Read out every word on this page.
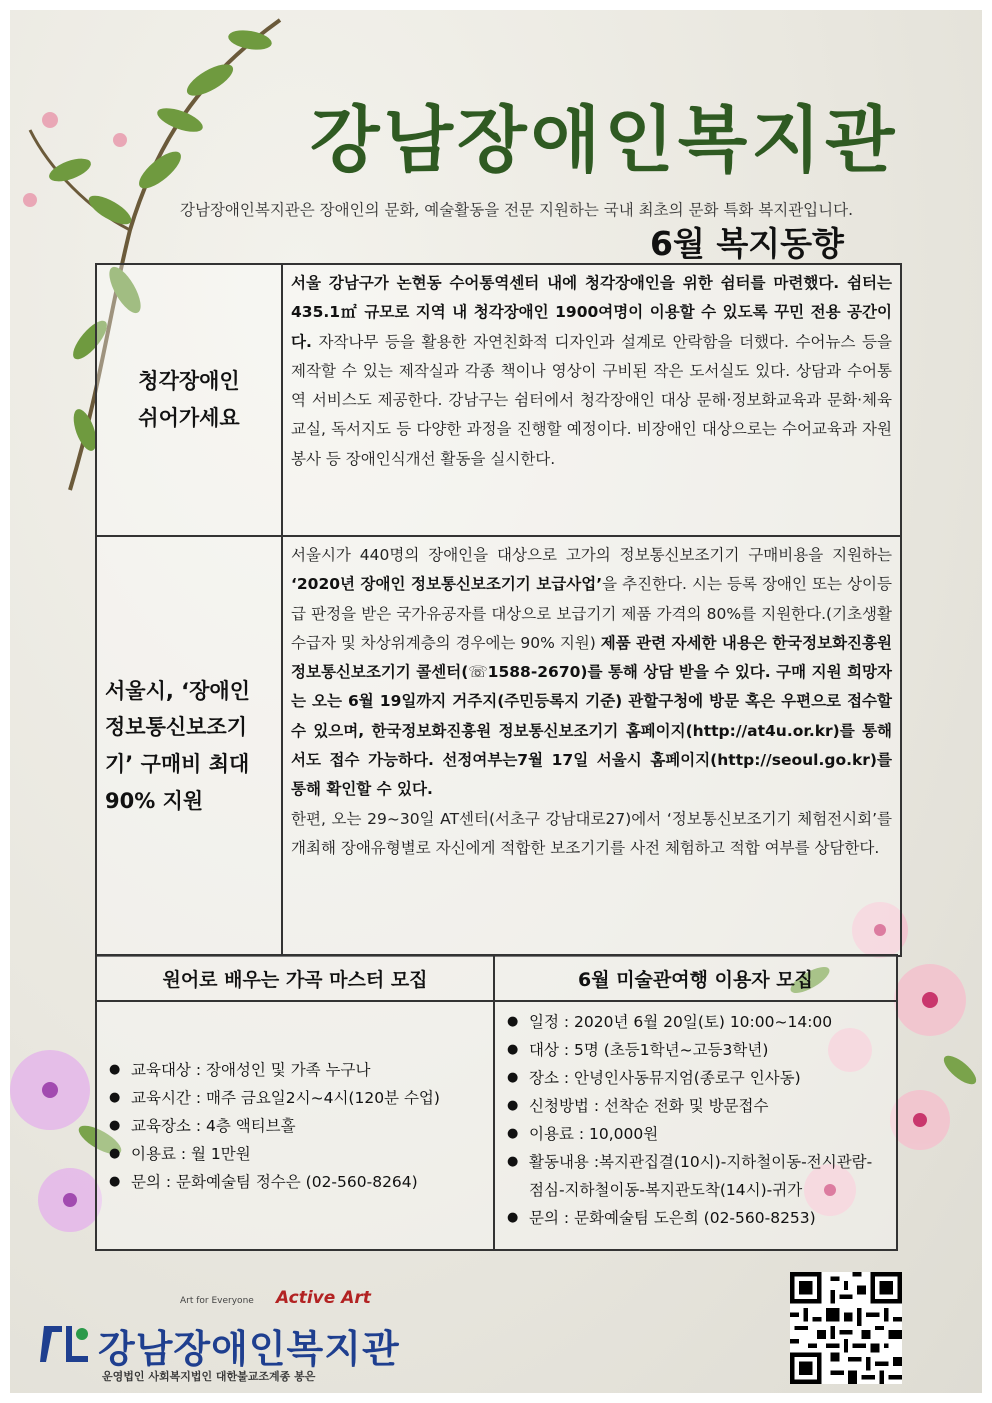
강남장애인복지관
강남장애인복지관은 장애인의 문화, 예술활동을 전문 지원하는 국내 최초의 문화 특화 복지관입니다.
6월 복지동향
청각장애인
쉬어가세요
서울 강남구가 논현동 수어통역센터 내에 청각장애인을 위한 쉼터를 마련했다. 쉼터는 435.1㎡ 규모로 지역 내 청각장애인 1900여명이 이용할 수 있도록 꾸민 전용 공간이다. 자작나무 등을 활용한 자연친화적 디자인과 설계로 안락함을 더했다. 수어뉴스 등을 제작할 수 있는 제작실과 각종 책이나 영상이 구비된 작은 도서실도 있다. 상담과 수어통역 서비스도 제공한다. 강남구는 쉼터에서 청각장애인 대상 문해·정보화교육과 문화·체육교실, 독서지도 등 다양한 과정을 진행할 예정이다. 비장애인 대상으로는 수어교육과 자원봉사 등 장애인식개선 활동을 실시한다.
서울시, ‘장애인 정보통신보조기기’ 구매비 최대 90% 지원
서울시가 440명의 장애인을 대상으로 고가의 정보통신보조기기 구매비용을 지원하는 ‘2020년 장애인 정보통신보조기기 보급사업’을 추진한다. 시는 등록 장애인 또는 상이등급 판정을 받은 국가유공자를 대상으로 보급기기 제품 가격의 80%를 지원한다.(기초생활수급자 및 차상위계층의 경우에는 90% 지원) 제품 관련 자세한 내용은 한국정보화진흥원 정보통신보조기기 콜센터(☏1588-2670)를 통해 상담 받을 수 있다. 구매 지원 희망자는 오는 6월 19일까지 거주지(주민등록지 기준) 관할구청에 방문 혹은 우편으로 접수할 수 있으며, 한국정보화진흥원 정보통신보조기기 홈페이지(http://at4u.or.kr)를 통해서도 접수 가능하다. 선정여부는7월 17일 서울시 홈페이지(http://seoul.go.kr)를 통해 확인할 수 있다.
한편, 오는 29~30일 AT센터(서초구 강남대로27)에서 ‘정보통신보조기기 체험전시회’를 개최해 장애유형별로 자신에게 적합한 보조기기를 사전 체험하고 적합 여부를 상담한다.
원어로 배우는 가곡 마스터 모집	6월 미술관여행 이용자 모집
● 교육대상 : 장애성인 및 가족 누구나
● 교육시간 : 매주 금요일2시~4시(120분 수업)
● 교육장소 : 4층 액티브홀
● 이용료 : 월 1만원
● 문의 : 문화예술팀 정수은 (02-560-8264)
● 일정 : 2020년 6월 20일(토) 10:00~14:00
● 대상 : 5명 (초등1학년~고등3학년)
● 장소 : 안녕인사동뮤지엄(종로구 인사동)
● 신청방법 : 선착순 전화 및 방문접수
● 이용료 : 10,000원
● 활동내용 :복지관집결(10시)-지하철이동-전시관람-점심-지하철이동-복지관도착(14시)-귀가
● 문의 : 문화예술팀 도은희 (02-560-8253)
Art for Everyone Active Art
강남장애인복지관
운영법인 사회복지법인 대한불교조계종 봉은
